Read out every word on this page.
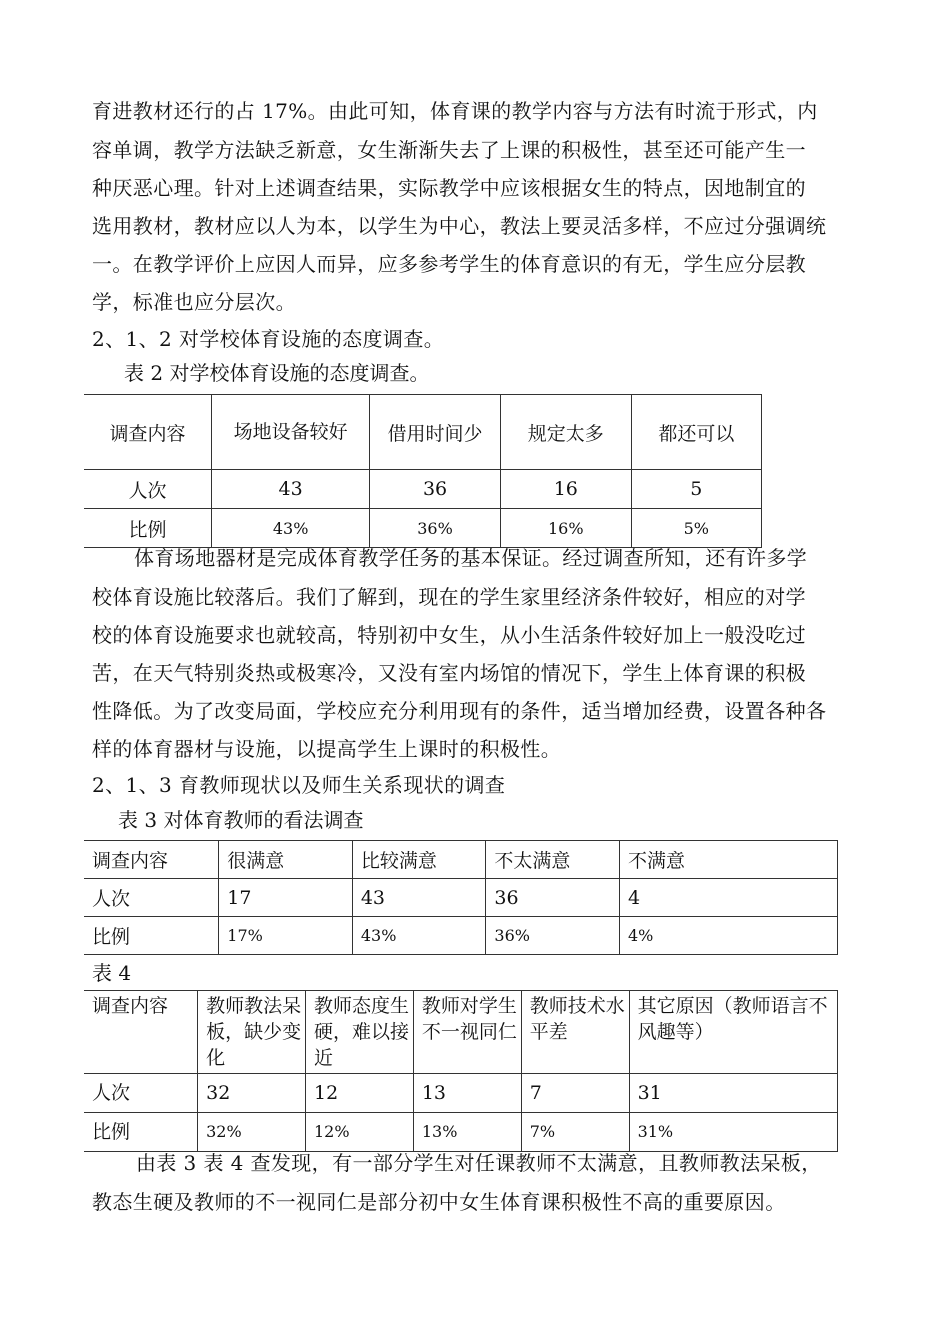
育进教材还行的占 17%。由此可知，体育课的教学内容与方法有时流于形式，内
容单调，教学方法缺乏新意，女生渐渐失去了上课的积极性，甚至还可能产生一
种厌恶心理。针对上述调查结果，实际教学中应该根据女生的特点，因地制宜的
选用教材，教材应以人为本，以学生为中心，教法上要灵活多样，不应过分强调统
一。在教学评价上应因人而异，应多参考学生的体育意识的有无，学生应分层教
学，标准也应分层次。
2、1、2 对学校体育设施的态度调查。
表 2 对学校体育设施的态度调查。
调查内容	场地设备较好	借用时间少	规定太多	都还可以
人次	43	36	16	5
比例	43%	36%	16%	5%
体育场地器材是完成体育教学任务的基本保证。经过调查所知，还有许多学
校体育设施比较落后。我们了解到，现在的学生家里经济条件较好，相应的对学
校的体育设施要求也就较高，特别初中女生，从小生活条件较好加上一般没吃过
苦，在天气特别炎热或极寒冷，又没有室内场馆的情况下，学生上体育课的积极
性降低。为了改变局面，学校应充分利用现有的条件，适当增加经费，设置各种各
样的体育器材与设施，以提高学生上课时的积极性。
2、1、3 育教师现状以及师生关系现状的调查
表 3 对体育教师的看法调查
调查内容	很满意	比较满意	不太满意	不满意
人次	17	43	36	4
比例	17%	43%	36%	4%
表 4
调查内容	教师教法呆板，缺少变化	教师态度生硬，难以接近	教师对学生不一视同仁	教师技术水平差	其它原因（教师语言不风趣等）
人次	32	12	13	7	31
比例	32%	12%	13%	7%	31%
由表 3 表 4 查发现，有一部分学生对任课教师不太满意，且教师教法呆板，
教态生硬及教师的不一视同仁是部分初中女生体育课积极性不高的重要原因。
